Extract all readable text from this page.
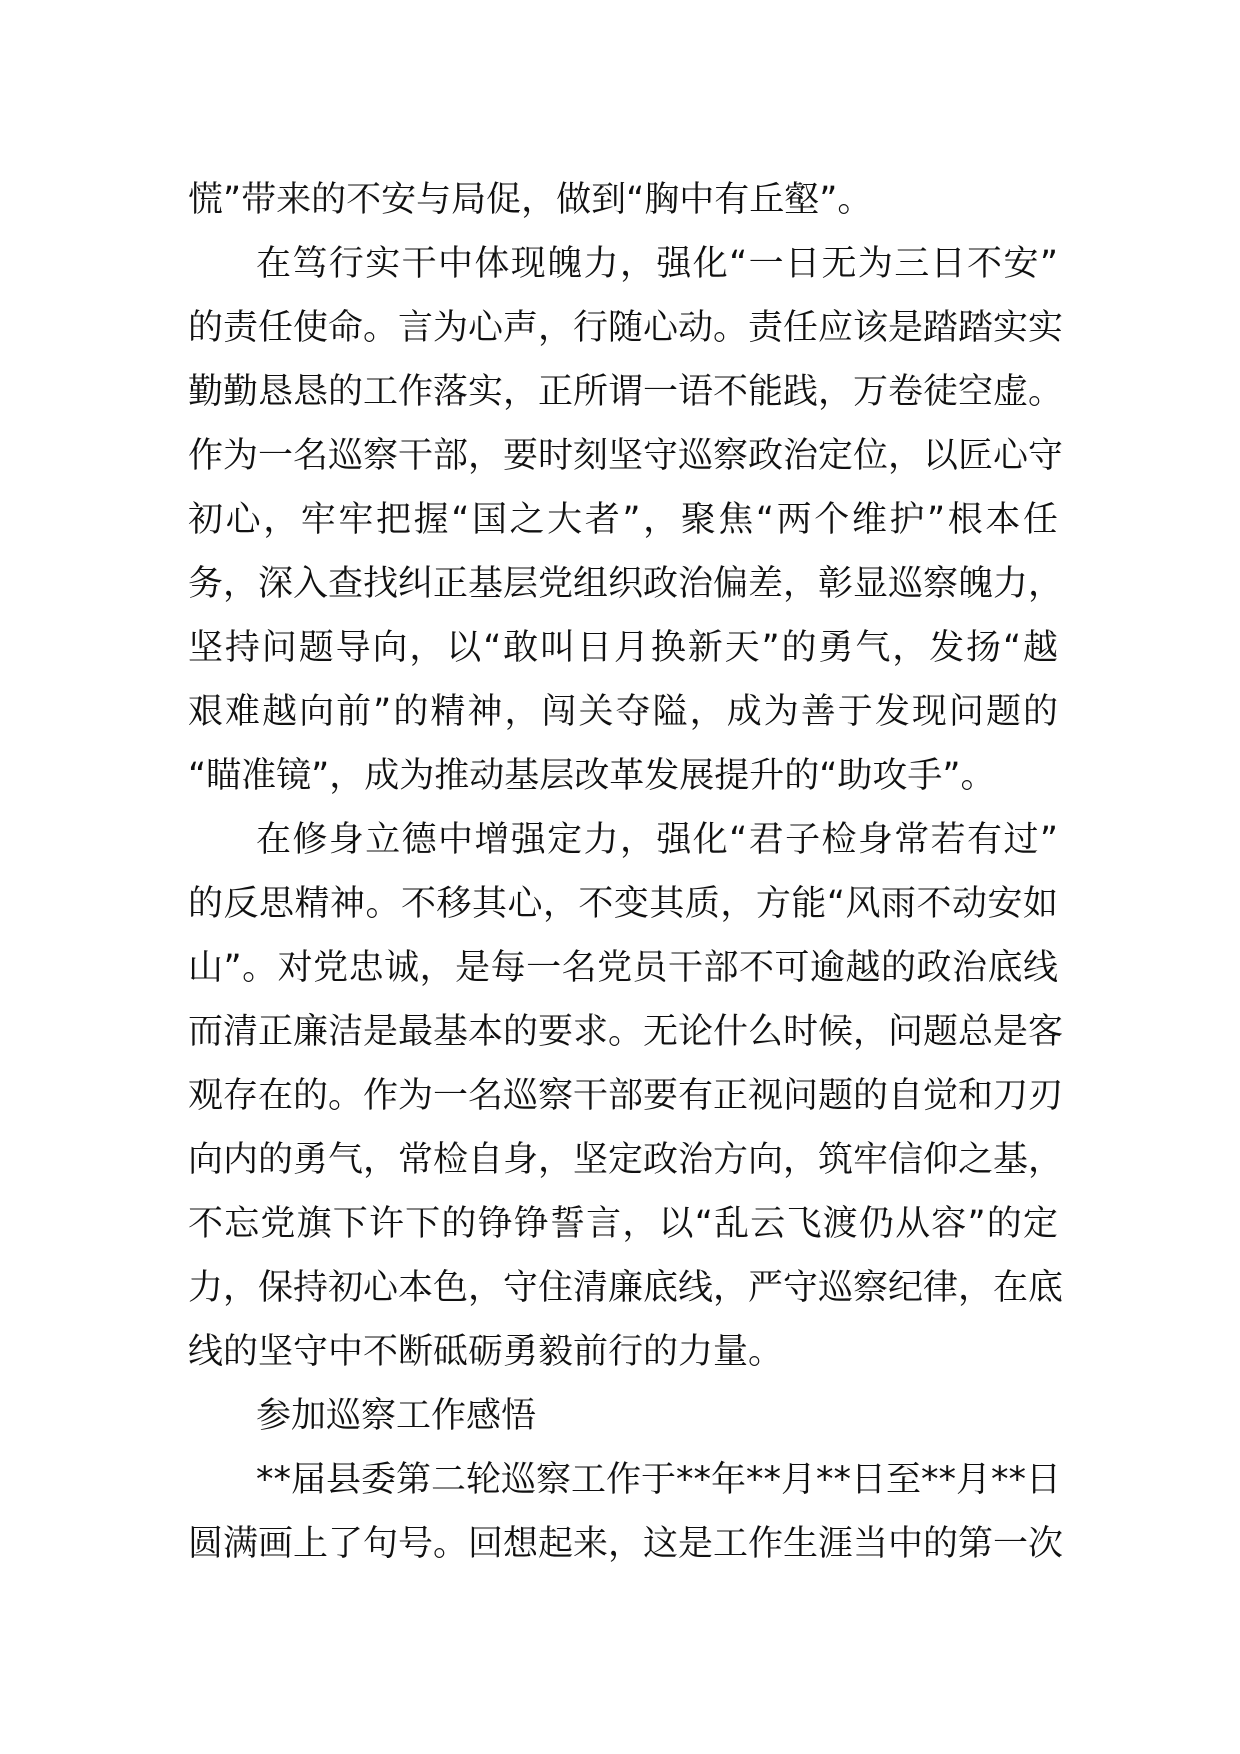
慌”带来的不安与局促，做到“胸中有丘壑”。
在笃行实干中体现魄力，强化“一日无为三日不安”
的责任使命。言为心声，行随心动。责任应该是踏踏实实
勤勤恳恳的工作落实，正所谓一语不能践，万卷徒空虚。
作为一名巡察干部，要时刻坚守巡察政治定位，以匠心守
初心，牢牢把握“国之大者”，聚焦“两个维护”根本任
务，深入查找纠正基层党组织政治偏差，彰显巡察魄力，
坚持问题导向，以“敢叫日月换新天”的勇气，发扬“越
艰难越向前”的精神，闯关夺隘，成为善于发现问题的
“瞄准镜”，成为推动基层改革发展提升的“助攻手”。
在修身立德中增强定力，强化“君子检身常若有过”
的反思精神。不移其心，不变其质，方能“风雨不动安如
山”。对党忠诚，是每一名党员干部不可逾越的政治底线
而清正廉洁是最基本的要求。无论什么时候，问题总是客
观存在的。作为一名巡察干部要有正视问题的自觉和刀刃
向内的勇气，常检自身，坚定政治方向，筑牢信仰之基，
不忘党旗下许下的铮铮誓言，以“乱云飞渡仍从容”的定
力，保持初心本色，守住清廉底线，严守巡察纪律，在底
线的坚守中不断砥砺勇毅前行的力量。
参加巡察工作感悟
**届县委第二轮巡察工作于**年**月**日至**月**日
圆满画上了句号。回想起来，这是工作生涯当中的第一次
